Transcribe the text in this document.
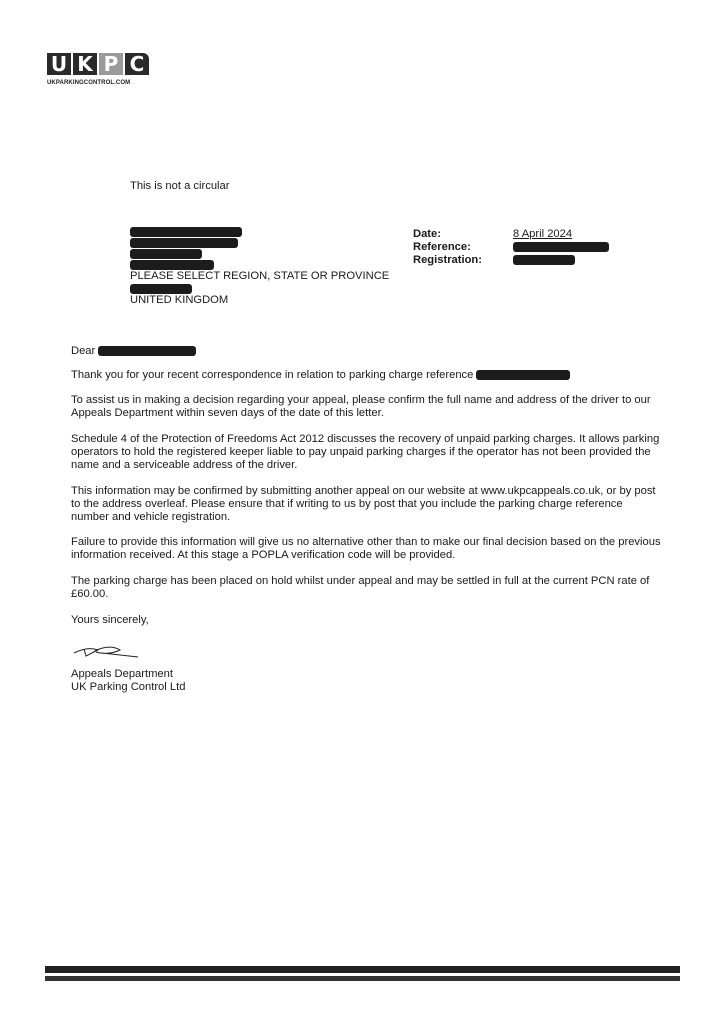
U K P C
UKPARKINGCONTROL.COM
This is not a circular
PLEASE SELECT REGION, STATE OR PROVINCE
UNITED KINGDOM
Date:	8 April 2024
Reference:
Registration:
Dear
Thank you for your recent correspondence in relation to parking charge reference
To assist us in making a decision regarding your appeal, please confirm the full name and address of the driver to our Appeals Department within seven days of the date of this letter.
Schedule 4 of the Protection of Freedoms Act 2012 discusses the recovery of unpaid parking charges. It allows parking operators to hold the registered keeper liable to pay unpaid parking charges if the operator has not been provided the name and a serviceable address of the driver.
This information may be confirmed by submitting another appeal on our website at www.ukpcappeals.co.uk, or by post to the address overleaf. Please ensure that if writing to us by post that you include the parking charge reference number and vehicle registration.
Failure to provide this information will give us no alternative other than to make our final decision based on the previous information received. At this stage a POPLA verification code will be provided.
The parking charge has been placed on hold whilst under appeal and may be settled in full at the current PCN rate of £60.00.
Yours sincerely,
Appeals Department
UK Parking Control Ltd
